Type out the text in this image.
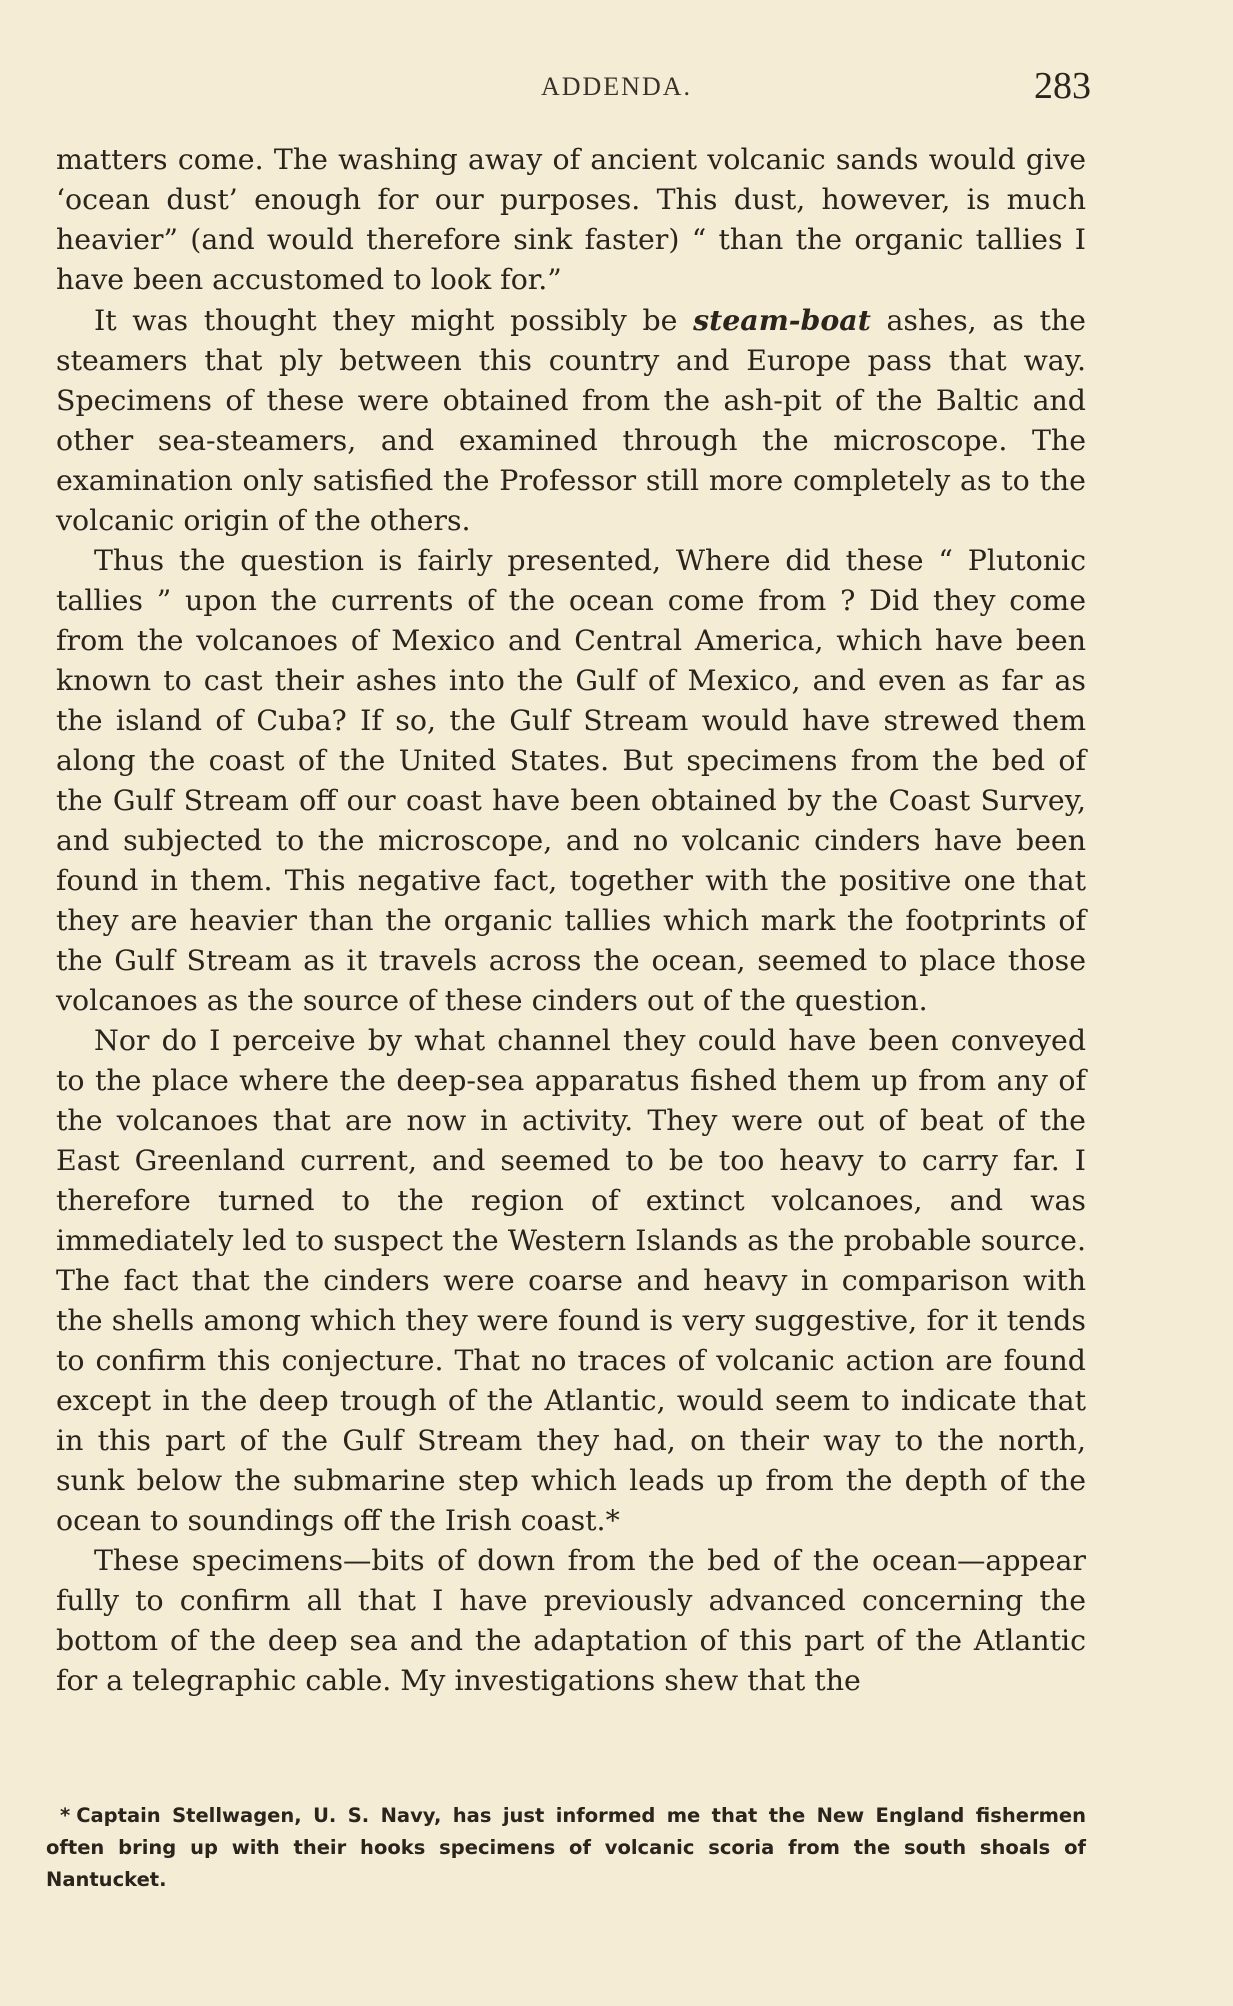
ADDENDA.	283

matters come. The washing away of ancient volcanic sands would give ‘ocean dust’ enough for our purposes. This dust, however, is much heavier” (and would therefore sink faster) “ than the organic tallies I have been accustomed to look for.”

It was thought they might possibly be steam-boat ashes, as the steamers that ply between this country and Europe pass that way. Specimens of these were obtained from the ash-pit of the Baltic and other sea-steamers, and examined through the microscope. The examination only satisfied the Professor still more completely as to the volcanic origin of the others.

Thus the question is fairly presented, Where did these “ Plutonic tallies ” upon the currents of the ocean come from ? Did they come from the volcanoes of Mexico and Central America, which have been known to cast their ashes into the Gulf of Mexico, and even as far as the island of Cuba? If so, the Gulf Stream would have strewed them along the coast of the United States. But specimens from the bed of the Gulf Stream off our coast have been obtained by the Coast Survey, and subjected to the microscope, and no volcanic cinders have been found in them. This negative fact, together with the positive one that they are heavier than the organic tallies which mark the footprints of the Gulf Stream as it travels across the ocean, seemed to place those volcanoes as the source of these cinders out of the question.

Nor do I perceive by what channel they could have been conveyed to the place where the deep-sea apparatus fished them up from any of the volcanoes that are now in activity. They were out of beat of the East Greenland current, and seemed to be too heavy to carry far. I therefore turned to the region of extinct volcanoes, and was immediately led to suspect the Western Islands as the probable source. The fact that the cinders were coarse and heavy in comparison with the shells among which they were found is very suggestive, for it tends to confirm this conjecture. That no traces of volcanic action are found except in the deep trough of the Atlantic, would seem to indicate that in this part of the Gulf Stream they had, on their way to the north, sunk below the submarine step which leads up from the depth of the ocean to soundings off the Irish coast.*

These specimens—bits of down from the bed of the ocean—appear fully to confirm all that I have previously advanced concerning the bottom of the deep sea and the adaptation of this part of the Atlantic for a telegraphic cable. My investigations shew that the

* Captain Stellwagen, U. S. Navy, has just informed me that the New England fishermen often bring up with their hooks specimens of volcanic scoria from the south shoals of Nantucket.
